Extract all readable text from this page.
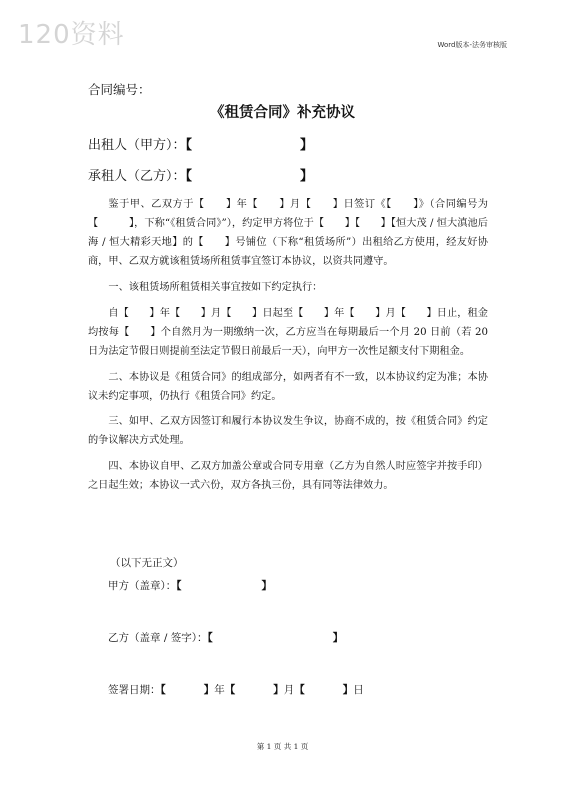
120资料	Word版本-法务审核版
合同编号：
《租赁合同》补充协议
出租人（甲方）：【	】
承租人（乙方）：【	】

鉴于甲、乙双方于【　　】年【　　】月【　　】日签订《【　　】》（合同编号为【　　　】，下称“《租赁合同》”），约定甲方将位于【　　】【　　】【恒大茂 / 恒大滇池后海 / 恒大精彩天地】的【　　】号铺位（下称“租赁场所”）出租给乙方使用，经友好协商，甲、乙双方就该租赁场所租赁事宜签订本协议，以资共同遵守。

一、该租赁场所租赁相关事宜按如下约定执行：

自【　　】年【　　】月【　　】日起至【　　】年【　　】月【　　】日止，租金均按每【　　】个自然月为一期缴纳一次，乙方应当在每期最后一个月 20 日前（若 20 日为法定节假日则提前至法定节假日前最后一天），向甲方一次性足额支付下期租金。

二、本协议是《租赁合同》的组成部分，如两者有不一致，以本协议约定为准；本协议未约定事项，仍执行《租赁合同》约定。

三、如甲、乙双方因签订和履行本协议发生争议，协商不成的，按《租赁合同》约定的争议解决方式处理。

四、本协议自甲、乙双方加盖公章或合同专用章（乙方为自然人时应签字并按手印）之日起生效；本协议一式六份，双方各执三份，具有同等法律效力。

（以下无正文）
甲方（盖章）：【	】
乙方（盖章 / 签字）：【	】
签署日期：【	】年【	】月【	】日
第 1 页 共 1 页
